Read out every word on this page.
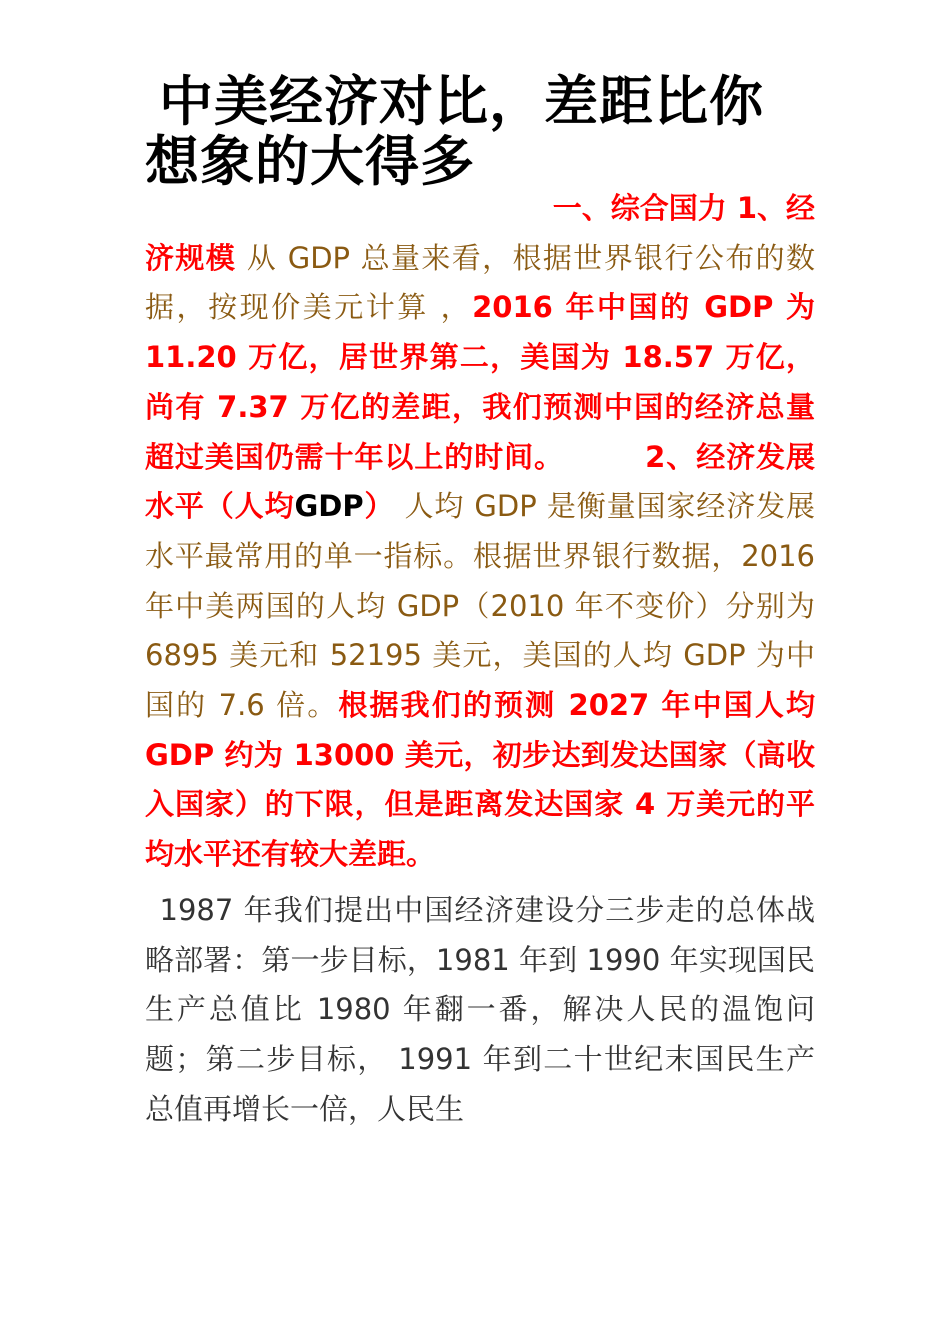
中美经济对比，差距比你
想象的大得多
一、综合国力 1、经
济规模 从 GDP 总量来看，根据世界银行公布的数据，按现价美元计算 ，2016 年中国的 GDP 为 11.20 万亿，居世界第二，美国为 18.57 万亿，尚有 7.37 万亿的差距，我们预测中国的经济总量超过美国仍需十年以上的时间。	2、经济发展水平（人均GDP） 人均 GDP 是衡量国家经济发展水平最常用的单一指标。根据世界银行数据，2016 年中美两国的人均 GDP（2010 年不变价）分别为 6895 美元和 52195 美元，美国的人均 GDP 为中国的 7.6 倍。根据我们的预测 2027 年中国人均 GDP 约为 13000 美元，初步达到发达国家（高收入国家）的下限，但是距离发达国家 4 万美元的平均水平还有较大差距。
1987 年我们提出中国经济建设分三步走的总体战略部署：第一步目标，1981 年到 1990 年实现国民生产总值比 1980 年翻一番，解决人民的温饱问题；第二步目标， 1991 年到二十世纪末国民生产总值再增长一倍，人民生
